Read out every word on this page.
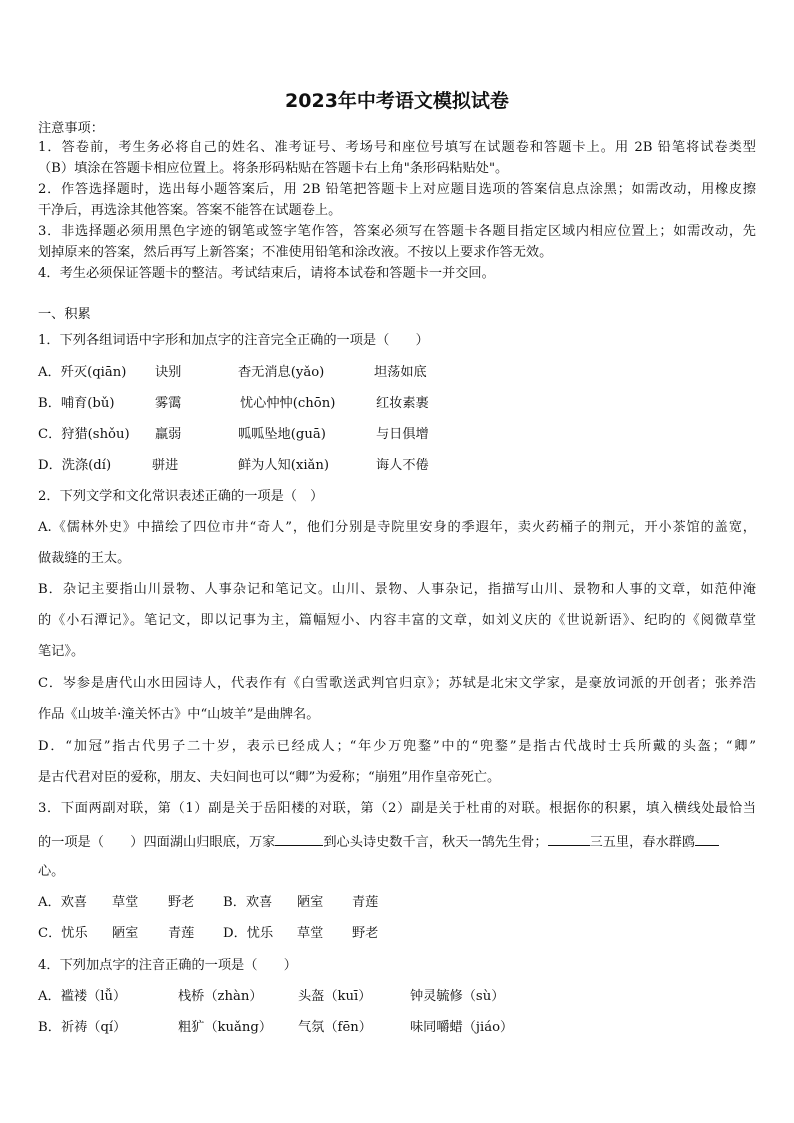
2023年中考语文模拟试卷
注意事项：
1．答卷前，考生务必将自己的姓名、准考证号、考场号和座位号填写在试题卷和答题卡上。用 2B 铅笔将试卷类型
（B）填涂在答题卡相应位置上。将条形码粘贴在答题卡右上角"条形码粘贴处"。
2．作答选择题时，选出每小题答案后，用 2B 铅笔把答题卡上对应题目选项的答案信息点涂黑；如需改动，用橡皮擦
干净后，再选涂其他答案。答案不能答在试题卷上。
3．非选择题必须用黑色字迹的钢笔或签字笔作答，答案必须写在答题卡各题目指定区域内相应位置上；如需改动，先
划掉原来的答案，然后再写上新答案；不准使用铅笔和涂改液。不按以上要求作答无效。
4．考生必须保证答题卡的整洁。考试结束后，请将本试卷和答题卡一并交回。
一、积累
1．下列各组词语中字形和加点字的注音完全正确的一项是（　　）
A．歼灭(qiān) 诀别	杳无消息(yǎo)	坦荡如底
B．哺育(bǔ)	雾霭	忧心忡忡(chōn)	红妆素裹
C．狩猎(shǒu) 羸弱	呱呱坠地(guā)	与日俱增
D．洗涤(dí)	骈进	鲜为人知(xiǎn)	诲人不倦
2．下列文学和文化常识表述正确的一项是（　）
A.《儒林外史》中描绘了四位市井“奇人”，他们分别是寺院里安身的季遐年，卖火药桶子的荆元，开小茶馆的盖宽，
做裁缝的王太。
B．杂记主要指山川景物、人事杂记和笔记文。山川、景物、人事杂记，指描写山川、景物和人事的文章，如范仲淹
的《小石潭记》。笔记文，即以记事为主，篇幅短小、内容丰富的文章，如刘义庆的《世说新语》、纪昀的《阅微草堂
笔记》。
C．岑参是唐代山水田园诗人，代表作有《白雪歌送武判官归京》；苏轼是北宋文学家，是豪放词派的开创者；张养浩
作品《山坡羊·潼关怀古》中“山坡羊”是曲牌名。
D．“加冠”指古代男子二十岁，表示已经成人；“年少万兜鍪”中的“兜鍪”是指古代战时士兵所戴的头盔；“卿”
是古代君对臣的爱称，朋友、夫妇间也可以“卿”为爱称；“崩殂”用作皇帝死亡。
3．下面两副对联，第（1）副是关于岳阳楼的对联，第（2）副是关于杜甫的对联。根据你的积累，填入横线处最恰当
的一项是（　　）四面湖山归眼底，万家	到心头诗史数千言，秋天一鹄先生骨；	三五里，春水群鸥
心。
A．欢喜 草堂 野老 B．欢喜 陋室 青莲
C．忧乐 陋室 青莲 D．忧乐 草堂 野老
4．下列加点字的注音正确的一项是（　　）
A．褴褛（lǚ）	栈桥（zhàn）	头盔（kuī）	钟灵毓修（sù）
B．祈祷（qí）	粗犷（kuǎng） 气氛（fēn）	味同嚼蜡（jiáo）
